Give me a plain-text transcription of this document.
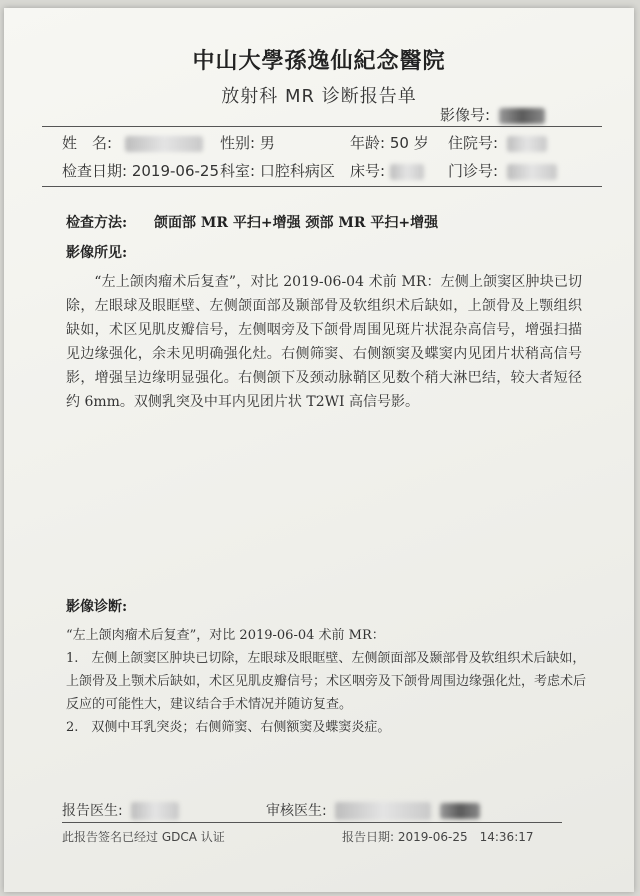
中山大學孫逸仙紀念醫院
放射科 MR 诊断报告单
影像号:
姓　名:	性别: 男	年龄: 50 岁 住院号:
检查日期: 2019-06-25 科室: 口腔科病区 床号:	门诊号:
检查方法: 颌面部 MR 平扫+增强 颈部 MR 平扫+增强
影像所见:
　　“左上颌肉瘤术后复查”，对比 2019-06-04 术前 MR：左侧上颌窦区肿块已切除，左眼球及眼眶壁、左侧颌面部及颞部骨及软组织术后缺如，上颌骨及上颚组织缺如，术区见肌皮瓣信号，左侧咽旁及下颌骨周围见斑片状混杂高信号，增强扫描见边缘强化，余未见明确强化灶。右侧筛窦、右侧额窦及蝶窦内见团片状稍高信号影，增强呈边缘明显强化。右侧颌下及颈动脉鞘区见数个稍大淋巴结，较大者短径约 6mm。双侧乳突及中耳内见团片状 T2WI 高信号影。
影像诊断:
“左上颌肉瘤术后复查”，对比 2019-06-04 术前 MR：
1.　左侧上颌窦区肿块已切除，左眼球及眼眶壁、左侧颌面部及颞部骨及软组织术后缺如，上颌骨及上颚术后缺如，术区见肌皮瓣信号；术区咽旁及下颌骨周围边缘强化灶，考虑术后反应的可能性大，建议结合手术情况并随访复查。
2.　双侧中耳乳突炎；右侧筛窦、右侧额窦及蝶窦炎症。
报告医生:	审核医生:
此报告签名已经过 GDCA 认证	报告日期: 2019-06-25　14:36:17
